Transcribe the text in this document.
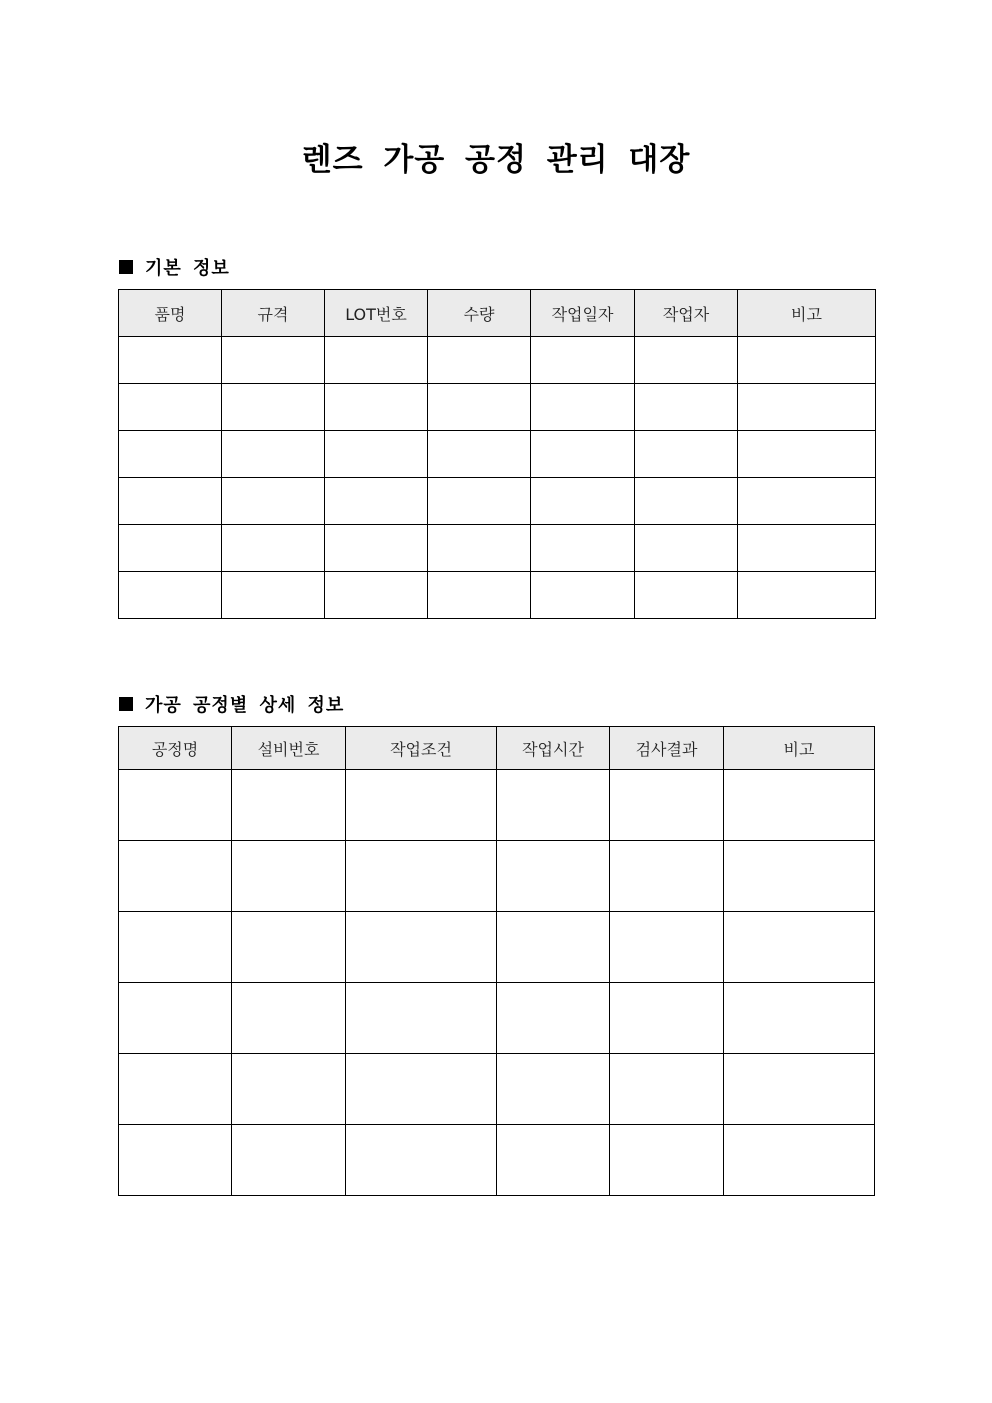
렌즈 가공 공정 관리 대장
기본 정보
품명	규격	LOT번호	수량	작업일자	작업자	비고

가공 공정별 상세 정보
공정명	설비번호	작업조건	작업시간	검사결과	비고
